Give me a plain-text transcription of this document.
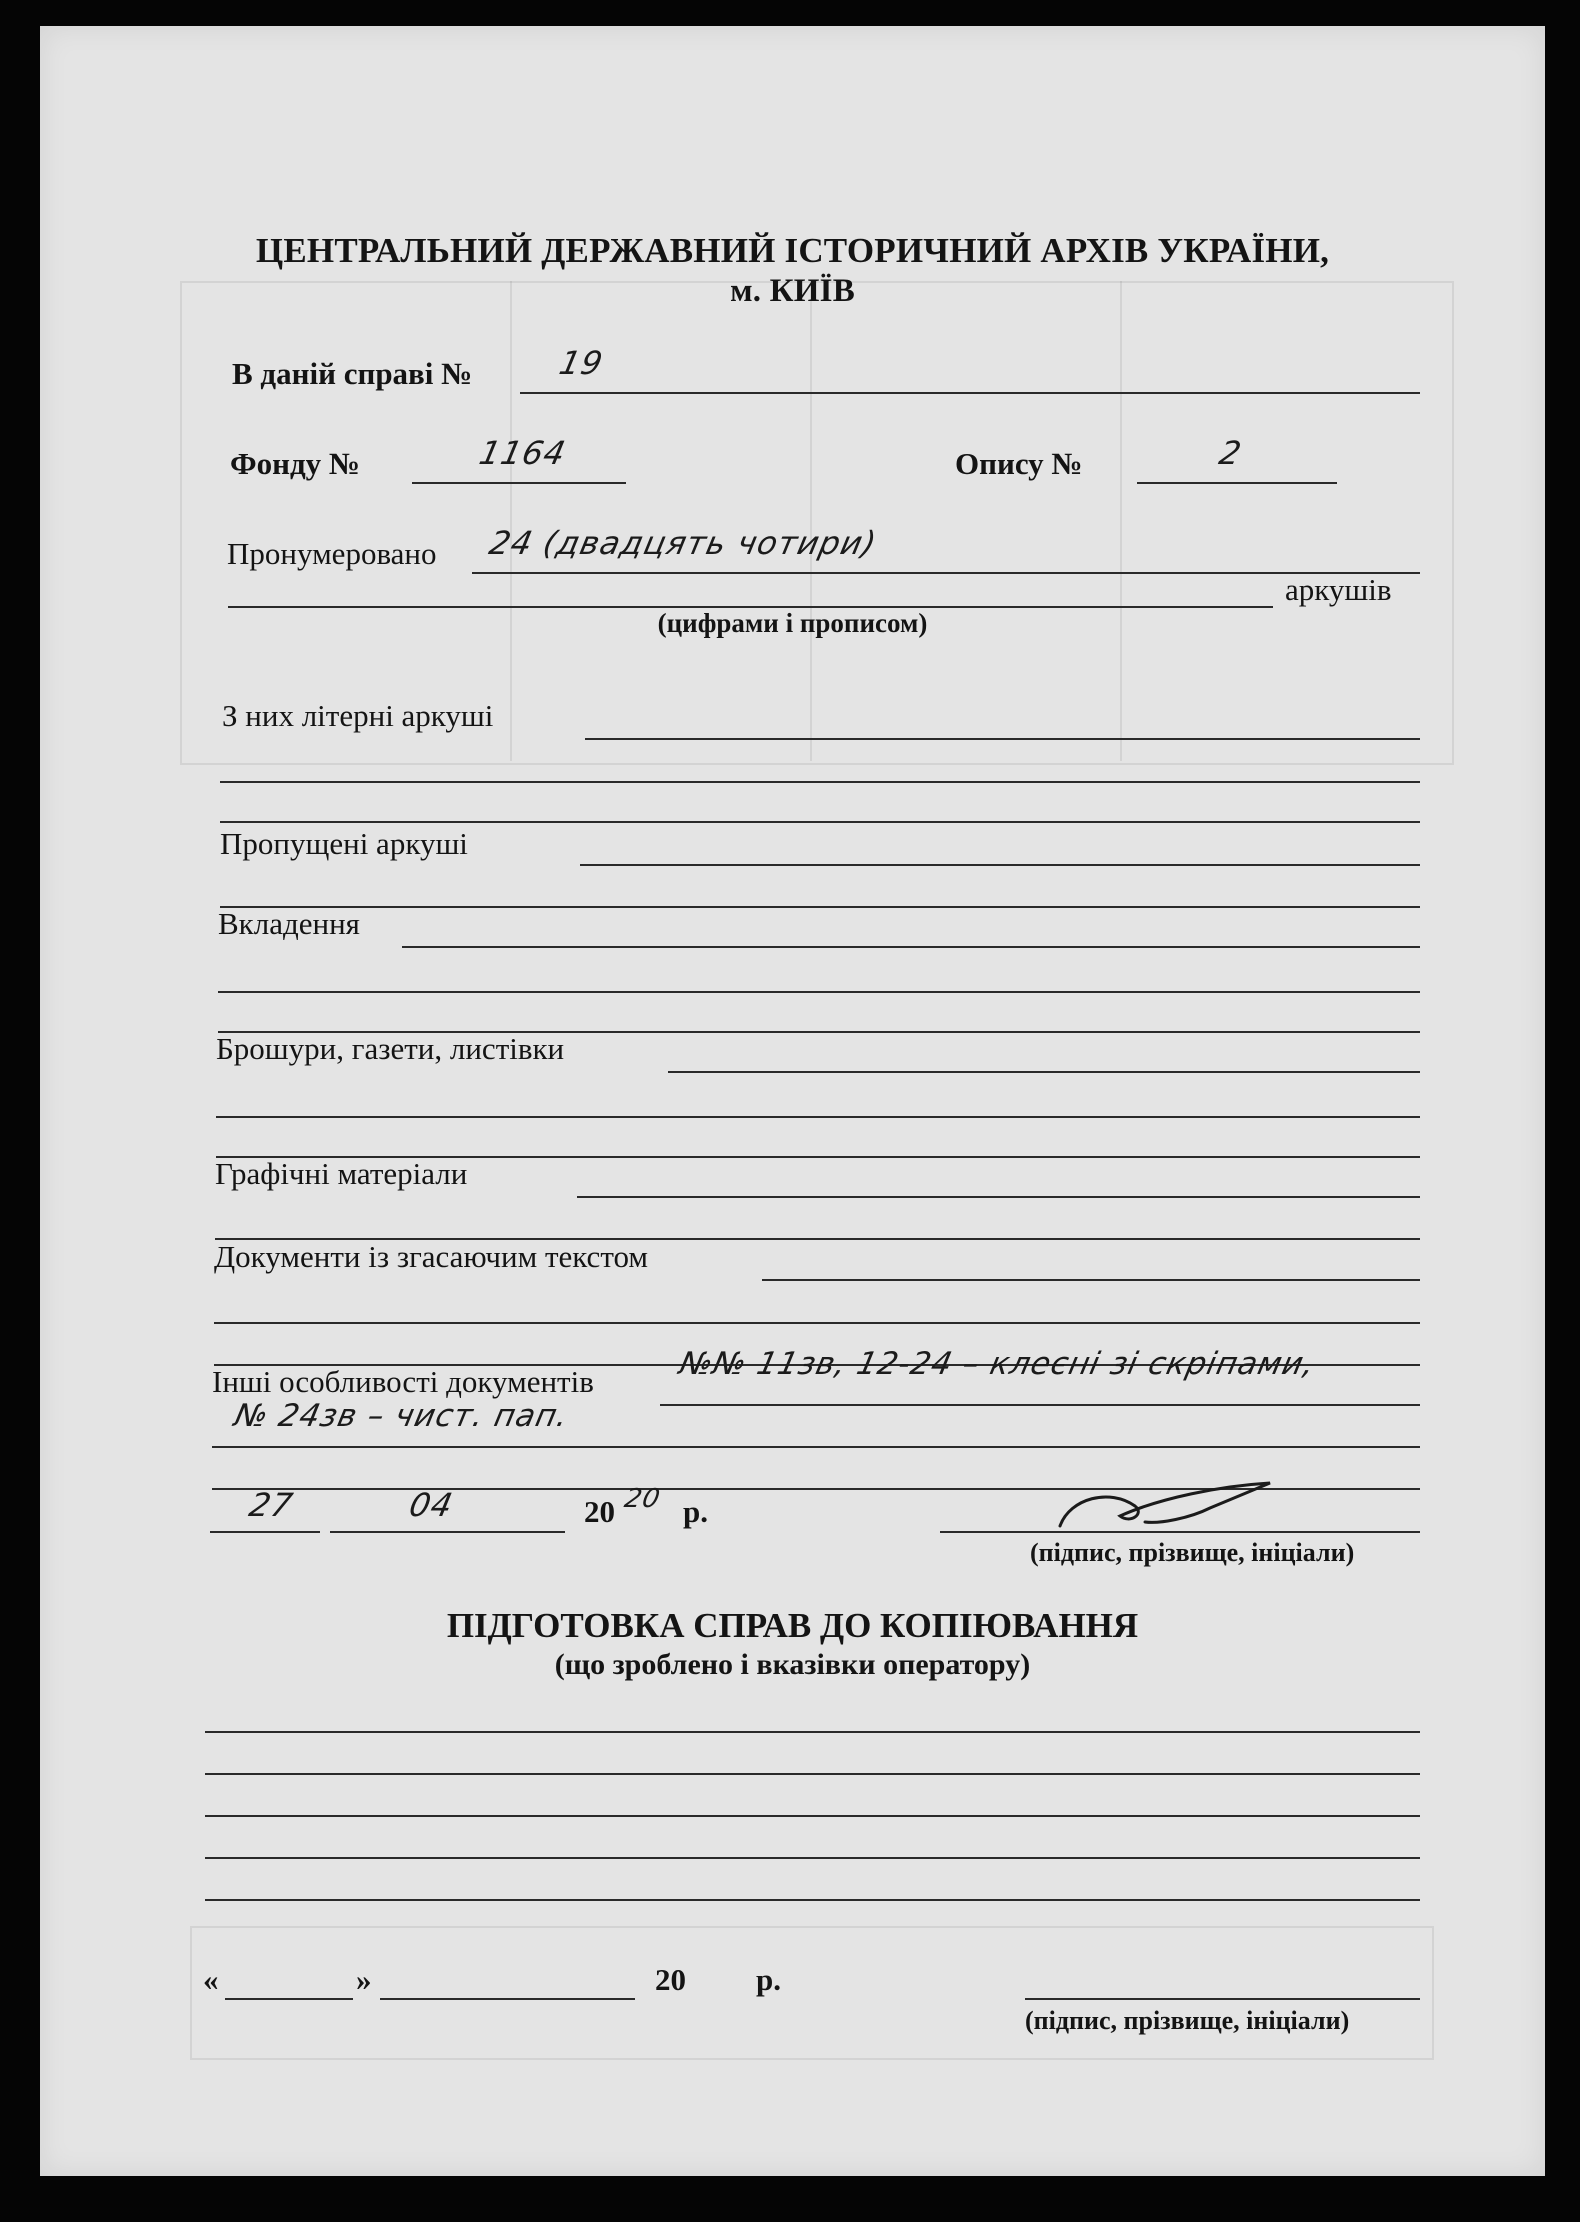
ЦЕНТРАЛЬНИЙ ДЕРЖАВНИЙ ІСТОРИЧНИЙ АРХІВ УКРАЇНИ,
м. КИЇВ
В даній справі №	19
Фонду №	1164	Опису №	2
Пронумеровано 24 (двадцять чотири)
аркушів
(цифрами і прописом)
З них літерні аркуші
Пропущені аркуші
Вкладення
Брошури, газети, листівки
Графічні матеріали
Документи із згасаючим текстом
Інші особливості документів	№№ 11зв, 12-24 – клеєні зі скріпами,
№ 24зв – чист. пап.
27	04	20 20 р.
(підпис, прізвище, ініціали)
ПІДГОТОВКА СПРАВ ДО КОПІЮВАННЯ
(що зроблено і вказівки оператору)
«	»	20 р.
(підпис, прізвище, ініціали)
